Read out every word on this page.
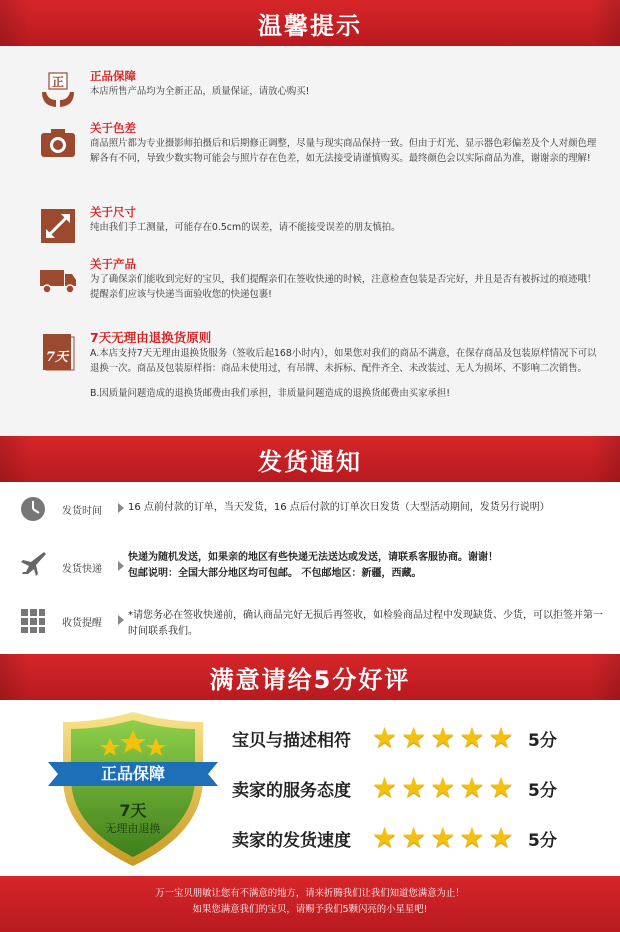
温馨提示
正 正品保障
本店所售产品均为全新正品，质量保证，请放心购买!
关于色差
商品照片都为专业摄影师拍摄后和后期修正调整，尽量与现实商品保持一致。但由于灯光、显示器色彩偏差及个人对颜色理解各有不同，导致少数实物可能会与照片存在色差，如无法接受请谨慎购买。最终颜色会以实际商品为准，谢谢亲的理解!
关于尺寸
纯由我们手工测量，可能存在0.5cm的误差，请不能接受误差的朋友慎拍。
关于产品
为了确保亲们能收到完好的宝贝，我们提醒亲们在签收快递的时候，注意检查包装是否完好，并且是否有被拆过的痕迹哦！提醒亲们应该与快递当面验收您的快递包裹!
7天
7天无理由退换货原则
A.本店支持7天无理由退换货服务（签收后起168小时内），如果您对我们的商品不满意，在保存商品及包装原样情况下可以退换一次。商品及包装原样指：商品未使用过，有吊牌、未拆标、配件齐全、未改装过、无人为损坏、不影响二次销售。
B.因质量问题造成的退换货邮费由我们承担，非质量问题造成的退换货邮费由买家承担!
发货通知
发货时间	16 点前付款的订单，当天发货，16 点后付款的订单次日发货（大型活动期间，发货另行说明）
发货快递
快递为随机发送，如果亲的地区有些快递无法送达或发送，请联系客服协商。谢谢！
包邮说明：全国大部分地区均可包邮。 不包邮地区：新疆，西藏。
收货提醒
*请您务必在签收快递前，确认商品完好无损后再签收，如检验商品过程中发现缺货、少货，可以拒签并第一时间联系我们。
满意请给5分好评
正品保障
7天
无理由退换
宝贝与描述相符 ★ ★ ★ ★ ★ 5分
卖家的服务态度 ★ ★ ★ ★ ★ 5分
卖家的发货速度 ★ ★ ★ ★ ★ 5分
万一宝贝朋敏让您有不满意的地方，请来折腾我们让我们知道您满意为止！
如果您满意我们的宝贝，请赐予我们5颗闪亮的小星星吧!
